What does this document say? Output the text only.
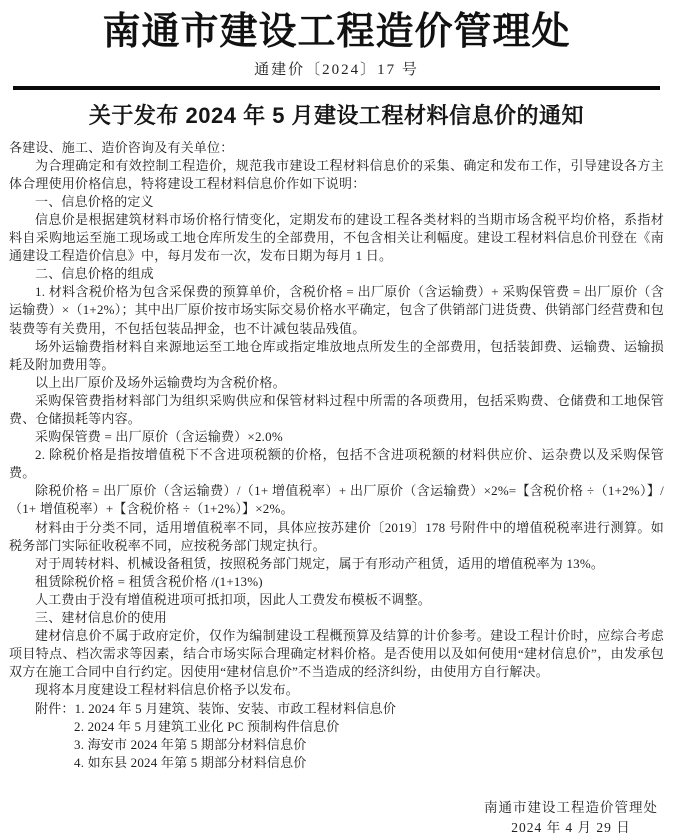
南通市建设工程造价管理处
通建价〔2024〕17 号
关于发布 2024 年 5 月建设工程材料信息价的通知

各建设、施工、造价咨询及有关单位：

为合理确定和有效控制工程造价，规范我市建设工程材料信息价的采集、确定和发布工作，引导建设各方主体合理使用价格信息，特将建设工程材料信息价作如下说明：

一、信息价格的定义

信息价是根据建筑材料市场价格行情变化，定期发布的建设工程各类材料的当期市场含税平均价格，系指材料自采购地运至施工现场或工地仓库所发生的全部费用，不包含相关让利幅度。建设工程材料信息价刊登在《南通建设工程造价信息》中，每月发布一次，发布日期为每月 1 日。

二、信息价格的组成

1. 材料含税价格为包含采保费的预算单价，含税价格 = 出厂原价（含运输费）+ 采购保管费 = 出厂原价（含运输费）×（1+2%）；其中出厂原价按市场实际交易价格水平确定，包含了供销部门进货费、供销部门经营费和包装费等有关费用，不包括包装品押金，也不计减包装品残值。

场外运输费指材料自来源地运至工地仓库或指定堆放地点所发生的全部费用，包括装卸费、运输费、运输损耗及附加费用等。

以上出厂原价及场外运输费均为含税价格。

采购保管费指材料部门为组织采购供应和保管材料过程中所需的各项费用，包括采购费、仓储费和工地保管费、仓储损耗等内容。

采购保管费 = 出厂原价（含运输费）×2.0%

2. 除税价格是指按增值税下不含进项税额的价格，包括不含进项税额的材料供应价、运杂费以及采购保管费。

除税价格 = 出厂原价（含运输费）/（1+ 增值税率）+ 出厂原价（含运输费）×2%=【含税价格 ÷（1+2%）】/（1+ 增值税率）+【含税价格 ÷（1+2%）】×2%。

材料由于分类不同，适用增值税率不同，具体应按苏建价〔2019〕178 号附件中的增值税税率进行测算。如税务部门实际征收税率不同，应按税务部门规定执行。

对于周转材料、机械设备租赁，按照税务部门规定，属于有形动产租赁，适用的增值税率为 13%。

租赁除税价格 = 租赁含税价格 /(1+13%)

人工费由于没有增值税进项可抵扣项，因此人工费发布模板不调整。

三、建材信息价的使用

建材信息价不属于政府定价，仅作为编制建设工程概预算及结算的计价参考。建设工程计价时，应综合考虑项目特点、档次需求等因素，结合市场实际合理确定材料价格。是否使用以及如何使用“建材信息价”，由发承包双方在施工合同中自行约定。因使用“建材信息价”不当造成的经济纠纷，由使用方自行解决。

现将本月度建设工程材料信息价格予以发布。

附件：1. 2024 年 5 月建筑、装饰、安装、市政工程材料信息价

2. 2024 年 5 月建筑工业化 PC 预制构件信息价

3. 海安市 2024 年第 5 期部分材料信息价

4. 如东县 2024 年第 5 期部分材料信息价

南通市建设工程造价管理处
2024 年 4 月 29 日
